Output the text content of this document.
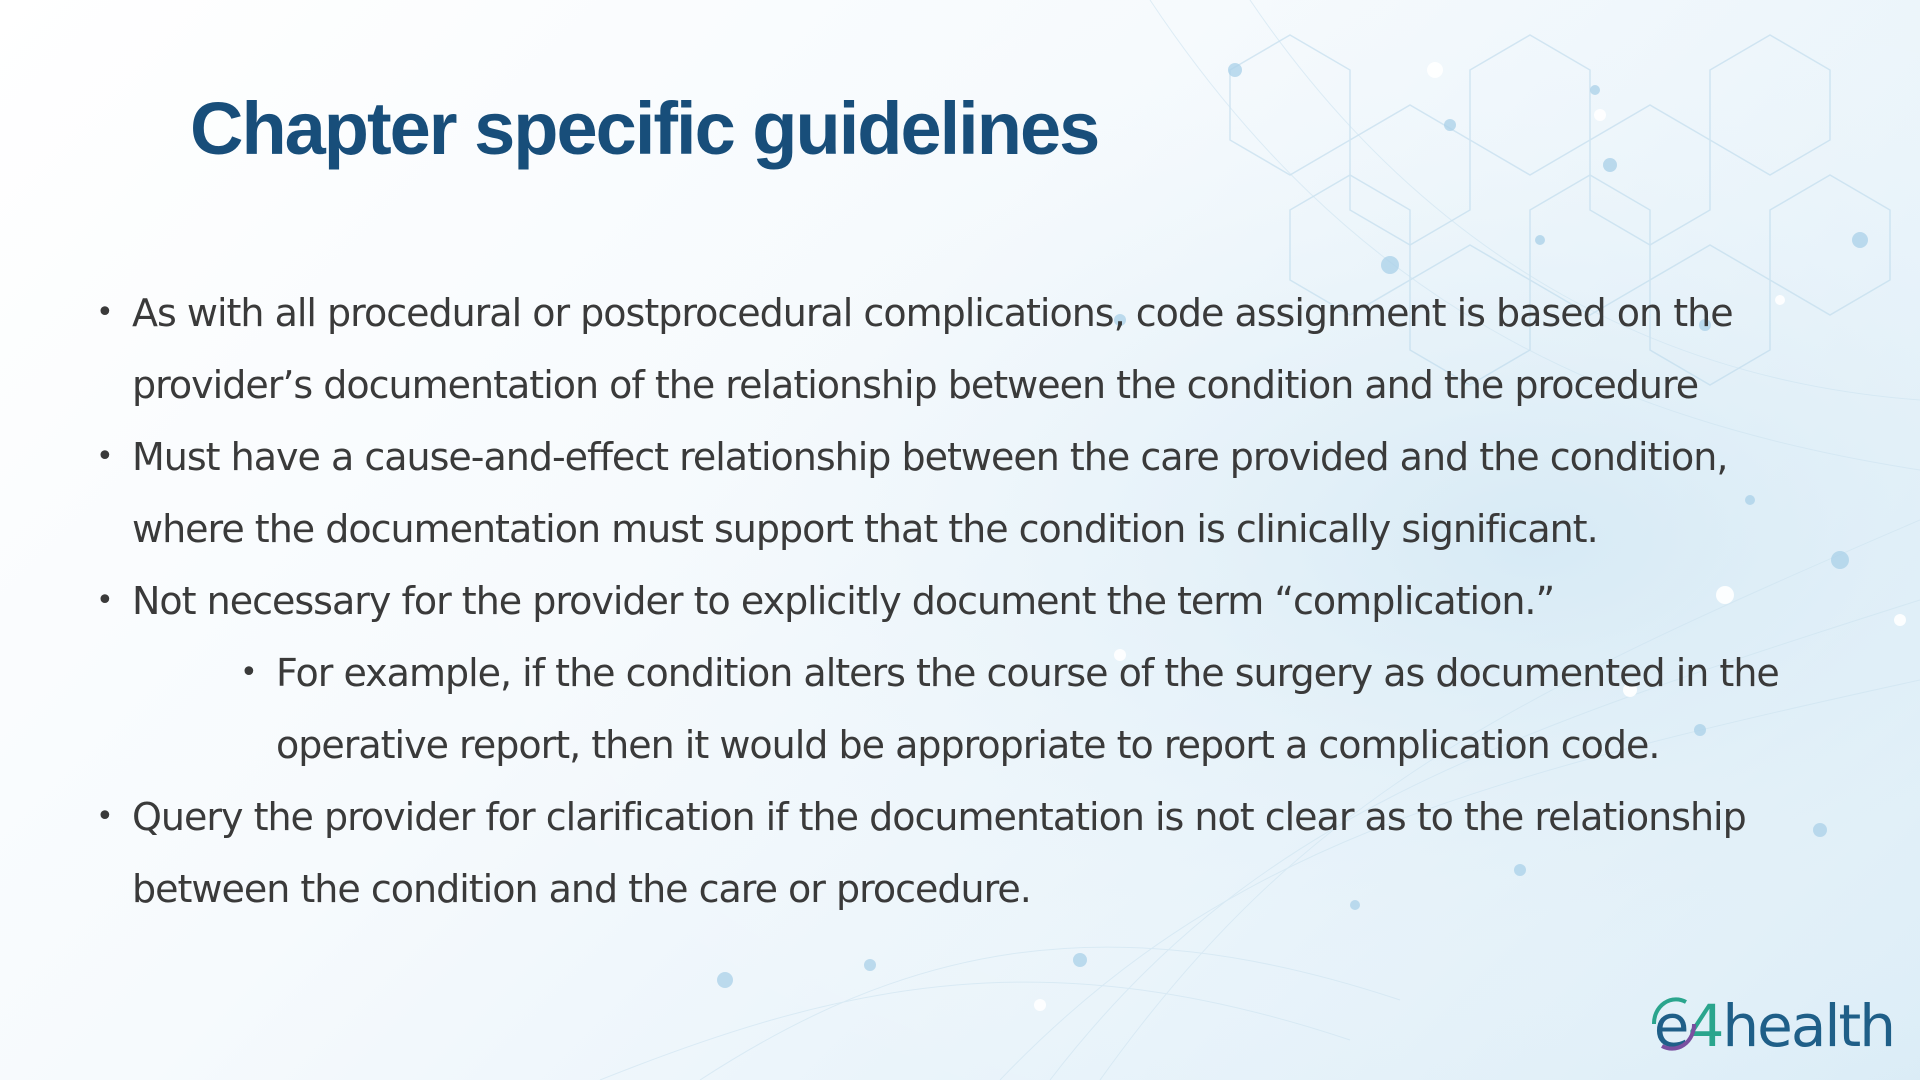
Chapter specific guidelines
• As with all procedural or postprocedural complications, code assignment is based on the provider’s documentation of the relationship between the condition and the procedure
• Must have a cause-and-effect relationship between the care provided and the condition, where the documentation must support that the condition is clinically significant.
• Not necessary for the provider to explicitly document the term “complication.”
• For example, if the condition alters the course of the surgery as documented in the operative report, then it would be appropriate to report a complication code.
• Query the provider for clarification if the documentation is not clear as to the relationship between the condition and the care or procedure.
e 4 health
